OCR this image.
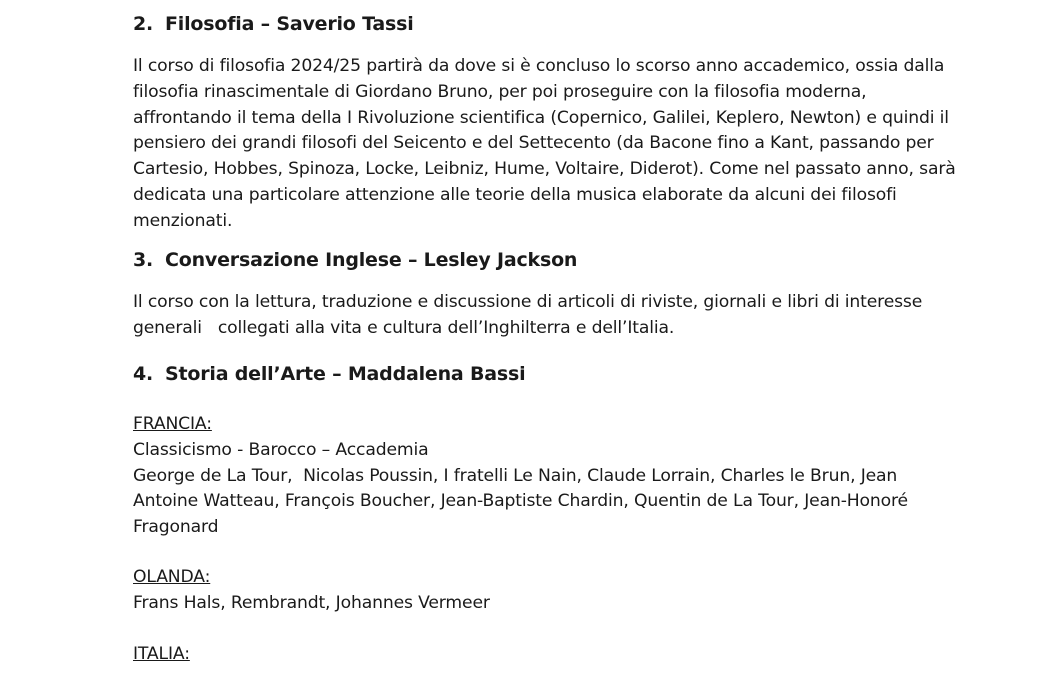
2. Filosofia – Saverio Tassi
Il corso di filosofia 2024/25 partirà da dove si è concluso lo scorso anno accademico, ossia dalla
filosofia rinascimentale di Giordano Bruno, per poi proseguire con la filosofia moderna,
affrontando il tema della I Rivoluzione scientifica (Copernico, Galilei, Keplero, Newton) e quindi il
pensiero dei grandi filosofi del Seicento e del Settecento (da Bacone fino a Kant, passando per
Cartesio, Hobbes, Spinoza, Locke, Leibniz, Hume, Voltaire, Diderot). Come nel passato anno, sarà
dedicata una particolare attenzione alle teorie della musica elaborate da alcuni dei filosofi
menzionati.
3. Conversazione Inglese – Lesley Jackson
Il corso con la lettura, traduzione e discussione di articoli di riviste, giornali e libri di interesse
generali   collegati alla vita e cultura dell’Inghilterra e dell’Italia.
4. Storia dell’Arte – Maddalena Bassi
FRANCIA:
Classicismo - Barocco – Accademia
George de La Tour,  Nicolas Poussin, I fratelli Le Nain, Claude Lorrain, Charles le Brun, Jean
Antoine Watteau, François Boucher, Jean-Baptiste Chardin, Quentin de La Tour, Jean-Honoré
Fragonard
OLANDA:
Frans Hals, Rembrandt, Johannes Vermeer
ITALIA:
